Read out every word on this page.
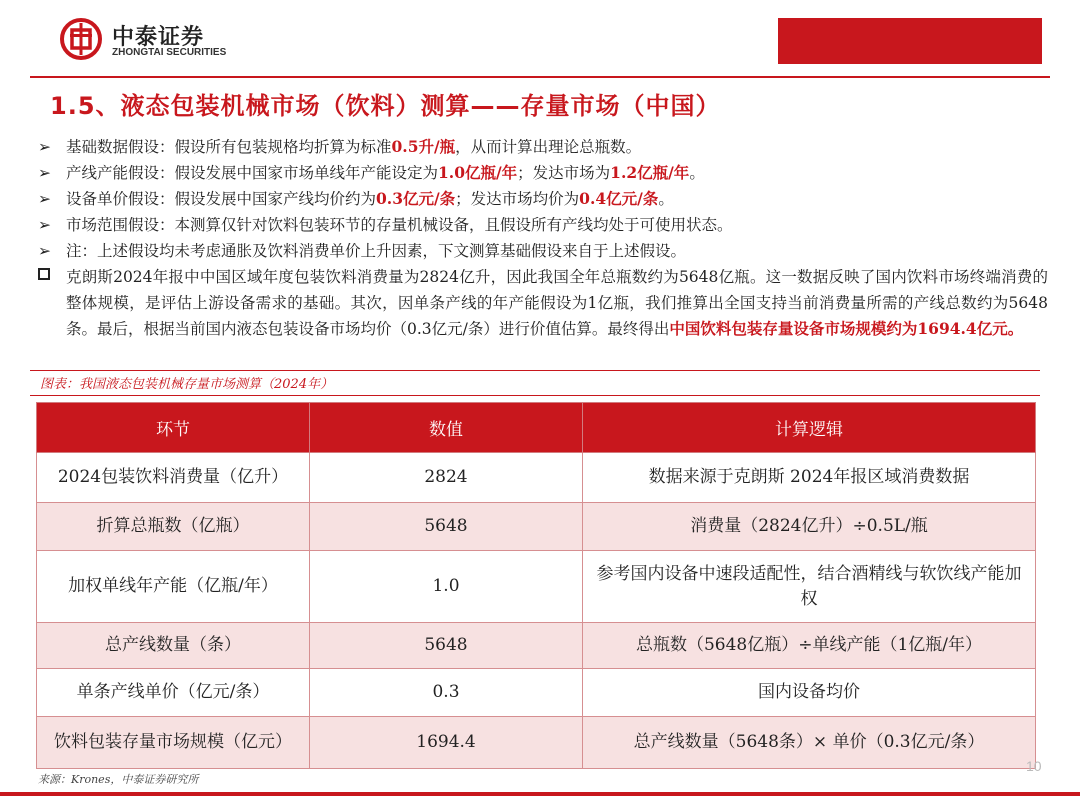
中泰证券
ZHONGTAI SECURITIES
1.5、液态包装机械市场（饮料）测算——存量市场（中国）
➢ 基础数据假设：假设所有包装规格均折算为标准0.5升/瓶，从而计算出理论总瓶数。
➢ 产线产能假设：假设发展中国家市场单线年产能设定为1.0亿瓶/年；发达市场为1.2亿瓶/年。
➢ 设备单价假设：假设发展中国家产线均价约为0.3亿元/条；发达市场均价为0.4亿元/条。
➢ 市场范围假设：本测算仅针对饮料包装环节的存量机械设备，且假设所有产线均处于可使用状态。
➢ 注：上述假设均未考虑通胀及饮料消费单价上升因素，下文测算基础假设来自于上述假设。
克朗斯2024年报中中国区域年度包装饮料消费量为2824亿升，因此我国全年总瓶数约为5648亿瓶。这一数据反映了国内饮料市场终端消费的整体规模，是评估上游设备需求的基础。其次，因单条产线的年产能假设为1亿瓶，我们推算出全国支持当前消费量所需的产线总数约为5648条。最后，根据当前国内液态包装设备市场均价（0.3亿元/条）进行价值估算。最终得出中国饮料包装存量设备市场规模约为1694.4亿元。
图表：我国液态包装机械存量市场测算（2024年）
环节	数值	计算逻辑
2024包装饮料消费量（亿升）	2824	数据来源于克朗斯 2024年报区域消费数据
折算总瓶数（亿瓶）	5648	消费量（2824亿升）÷0.5L/瓶
加权单线年产能（亿瓶/年）	1.0	参考国内设备中速段适配性，结合酒精线与软饮线产能加权
总产线数量（条）	5648	总瓶数（5648亿瓶）÷单线产能（1亿瓶/年）
单条产线单价（亿元/条）	0.3	国内设备均价
饮料包装存量市场规模（亿元）	1694.4	总产线数量（5648条）× 单价（0.3亿元/条）
来源：Krones，中泰证券研究所
10
